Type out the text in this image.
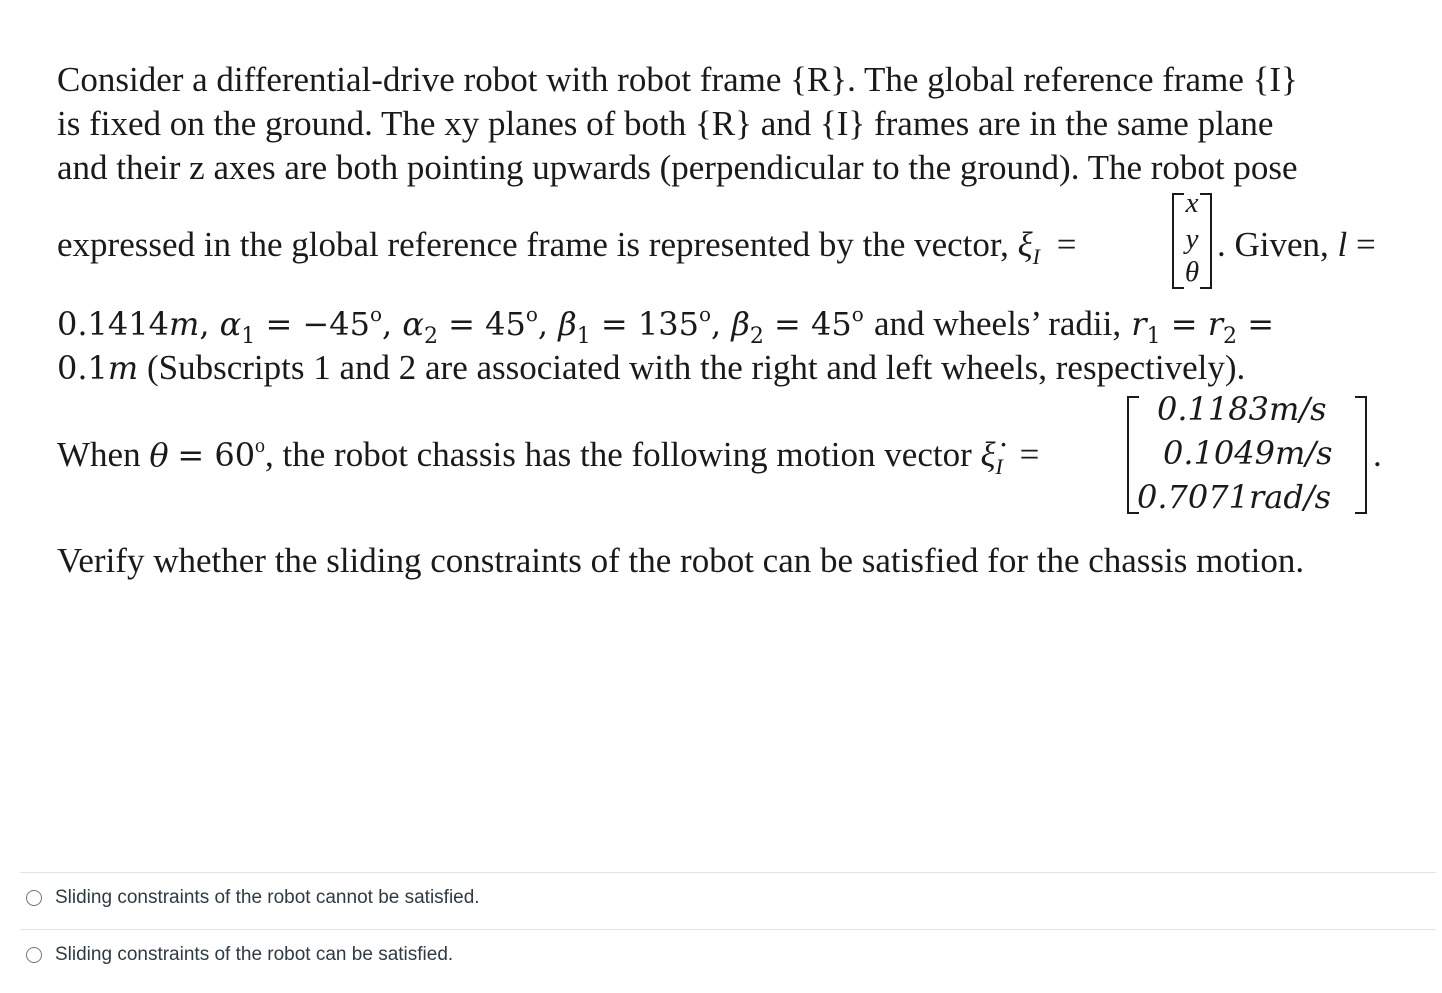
Consider a differential-drive robot with robot frame {R}. The global reference frame {I}
is fixed on the ground. The xy planes of both {R} and {I} frames are in the same plane
and their z axes are both pointing upwards (perpendicular to the ground). The robot pose
expressed in the global reference frame is represented by the vector, $\xi_I$ =
x
y
θ
. Given, l =
0.1414m, $\alpha_1 = -45^o$, $\alpha_2 = 45^o$, $\beta_1 = 135^o$, $\beta_2 = 45^o$ and wheels’ radii, $r_1 = r_2$ =
0.1m (Subscripts 1 and 2 are associated with the right and left wheels, respectively).
When $\theta = 60^o$, the robot chassis has the following motion vector $\xi̇_I$ =
0.1183m/s
0.1049m/s
0.7071rad/s
.
Verify whether the sliding constraints of the robot can be satisfied for the chassis motion.
Sliding constraints of the robot cannot be satisfied.
Sliding constraints of the robot can be satisfied.
